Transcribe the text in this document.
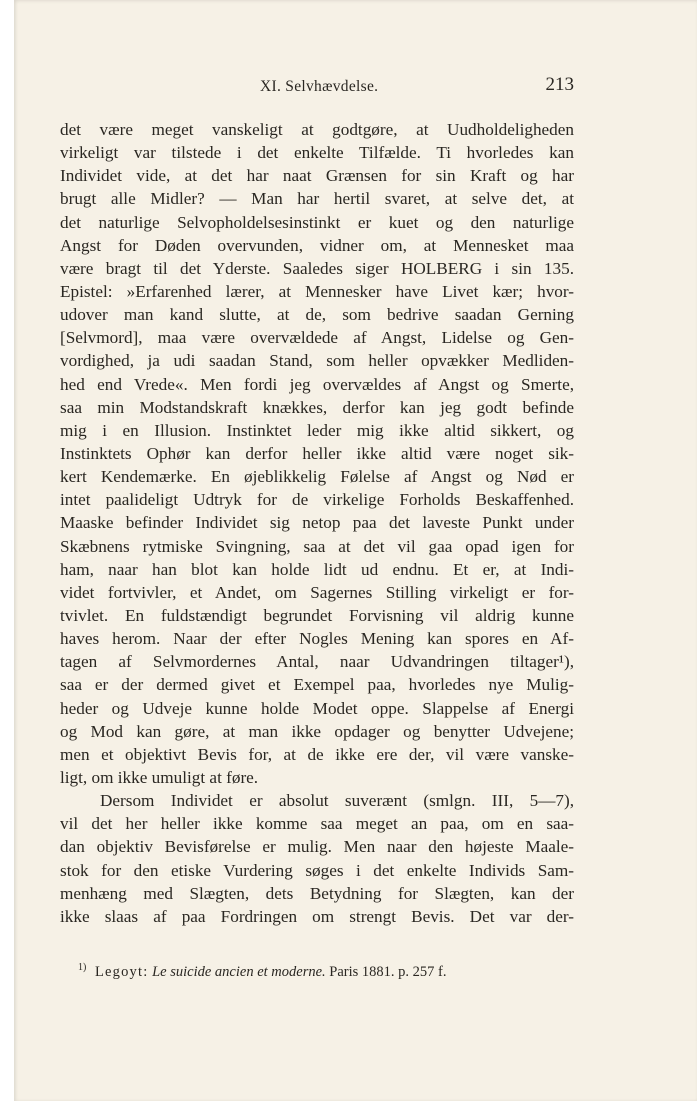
XI. Selvhævdelse.	213
det være meget vanskeligt at godtgøre, at Uudholdeligheden
virkeligt var tilstede i det enkelte Tilfælde. Ti hvorledes kan
Individet vide, at det har naat Grænsen for sin Kraft og har
brugt alle Midler? — Man har hertil svaret, at selve det, at
det naturlige Selvopholdelsesinstinkt er kuet og den naturlige
Angst for Døden overvunden, vidner om, at Mennesket maa
være bragt til det Yderste. Saaledes siger HOLBERG i sin 135.
Epistel: »Erfarenhed lærer, at Mennesker have Livet kær; hvor-
udover man kand slutte, at de, som bedrive saadan Gerning
[Selvmord], maa være overvældede af Angst, Lidelse og Gen-
vordighed, ja udi saadan Stand, som heller opvækker Medliden-
hed end Vrede«. Men fordi jeg overvældes af Angst og Smerte,
saa min Modstandskraft knækkes, derfor kan jeg godt befinde
mig i en Illusion. Instinktet leder mig ikke altid sikkert, og
Instinktets Ophør kan derfor heller ikke altid være noget sik-
kert Kendemærke. En øjeblikkelig Følelse af Angst og Nød er
intet paalideligt Udtryk for de virkelige Forholds Beskaffenhed.
Maaske befinder Individet sig netop paa det laveste Punkt under
Skæbnens rytmiske Svingning, saa at det vil gaa opad igen for
ham, naar han blot kan holde lidt ud endnu. Et er, at Indi-
videt fortvivler, et Andet, om Sagernes Stilling virkeligt er for-
tvivlet. En fuldstændigt begrundet Forvisning vil aldrig kunne
haves herom. Naar der efter Nogles Mening kan spores en Af-
tagen af Selvmordernes Antal, naar Udvandringen tiltager¹),
saa er der dermed givet et Exempel paa, hvorledes nye Mulig-
heder og Udveje kunne holde Modet oppe. Slappelse af Energi
og Mod kan gøre, at man ikke opdager og benytter Udvejene;
men et objektivt Bevis for, at de ikke ere der, vil være vanske-
ligt, om ikke umuligt at føre.
Dersom Individet er absolut suverænt (smlgn. III, 5—7),
vil det her heller ikke komme saa meget an paa, om en saa-
dan objektiv Bevisførelse er mulig. Men naar den højeste Maale-
stok for den etiske Vurdering søges i det enkelte Individs Sam-
menhæng med Slægten, dets Betydning for Slægten, kan der
ikke slaas af paa Fordringen om strengt Bevis. Det var der-
$^{1)}$ Legoyt: Le suicide ancien et moderne. Paris 1881. p. 257 f.
